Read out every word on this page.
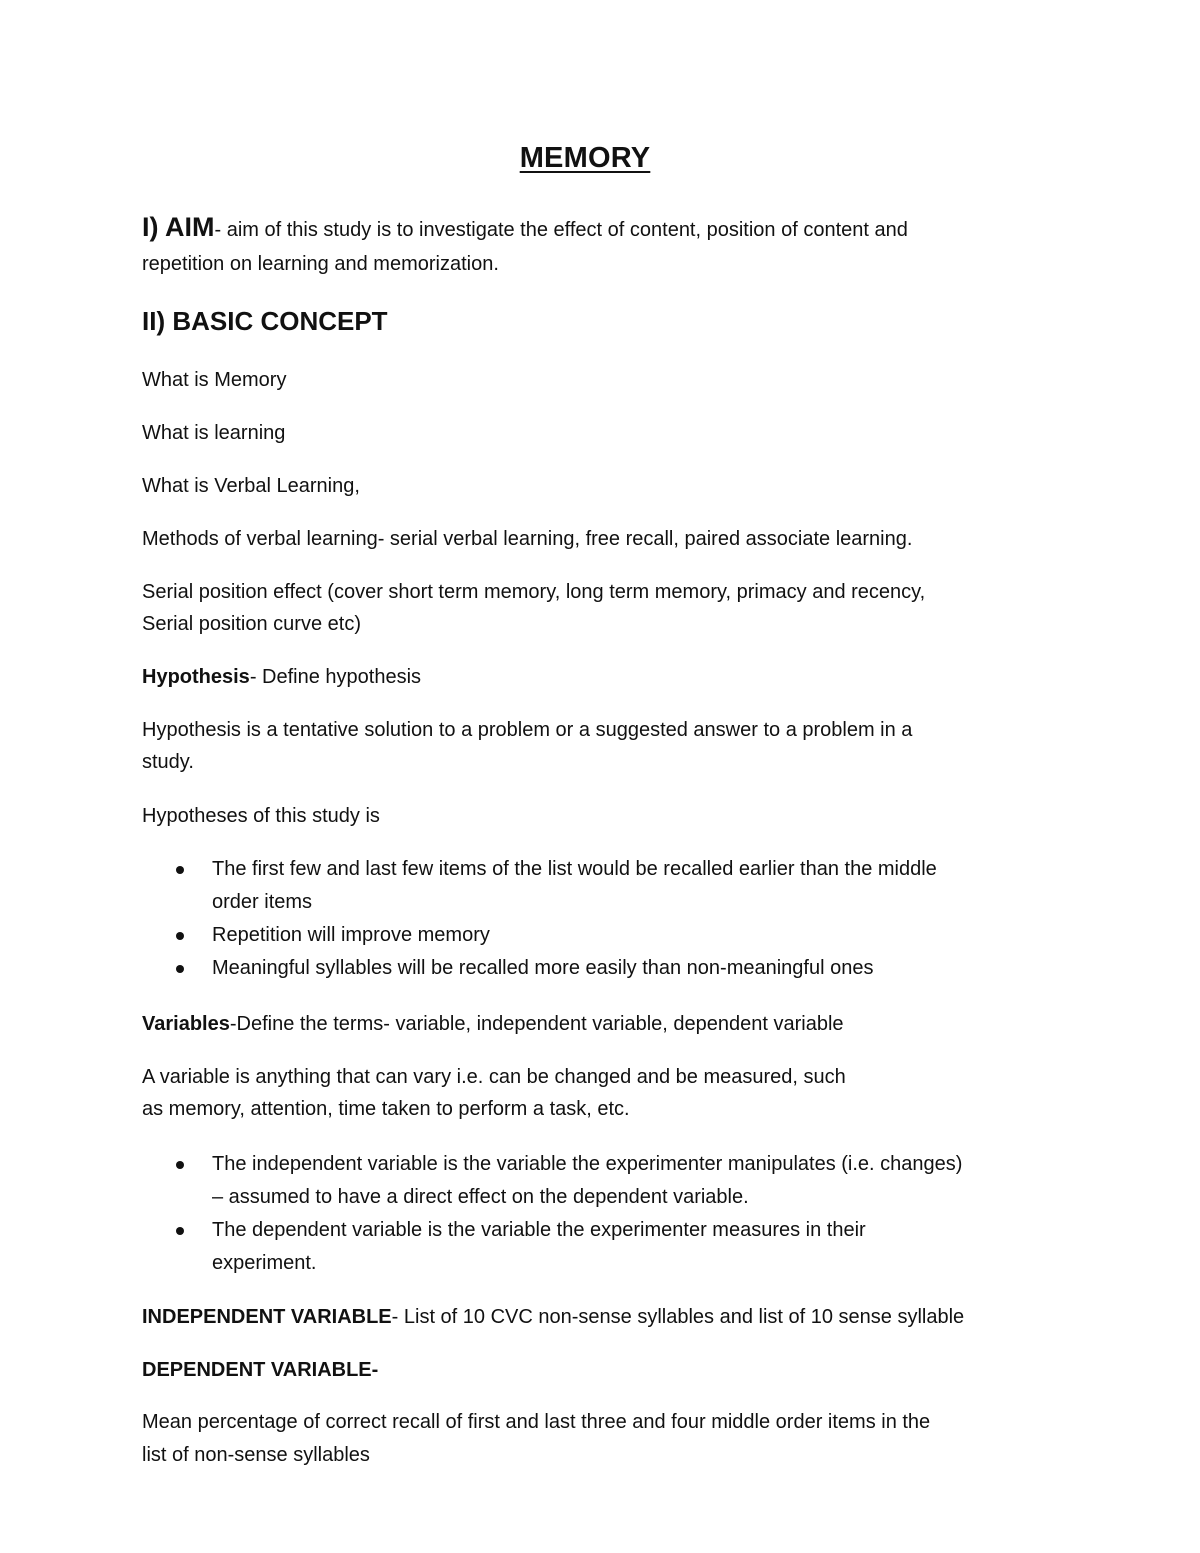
MEMORY
I) AIM- aim of this study is to investigate the effect of content, position of content and
repetition on learning and memorization.
II) BASIC CONCEPT
What is Memory
What is learning
What is Verbal Learning,
Methods of verbal learning- serial verbal learning, free recall, paired associate learning.
Serial position effect (cover short term memory, long term memory, primacy and recency,
Serial position curve etc)
Hypothesis- Define hypothesis
Hypothesis is a tentative solution to a problem or a suggested answer to a problem in a
study.
Hypotheses of this study is
The first few and last few items of the list would be recalled earlier than the middle
order items
Repetition will improve memory
Meaningful syllables will be recalled more easily than non-meaningful ones
Variables-Define the terms- variable, independent variable, dependent variable
A variable is anything that can vary i.e. can be changed and be measured, such
as memory, attention, time taken to perform a task, etc.
The independent variable is the variable the experimenter manipulates (i.e. changes)
– assumed to have a direct effect on the dependent variable.
The dependent variable is the variable the experimenter measures in their
experiment.
INDEPENDENT VARIABLE- List of 10 CVC non-sense syllables and list of 10 sense syllable
DEPENDENT VARIABLE-
Mean percentage of correct recall of first and last three and four middle order items in the
list of non-sense syllables
